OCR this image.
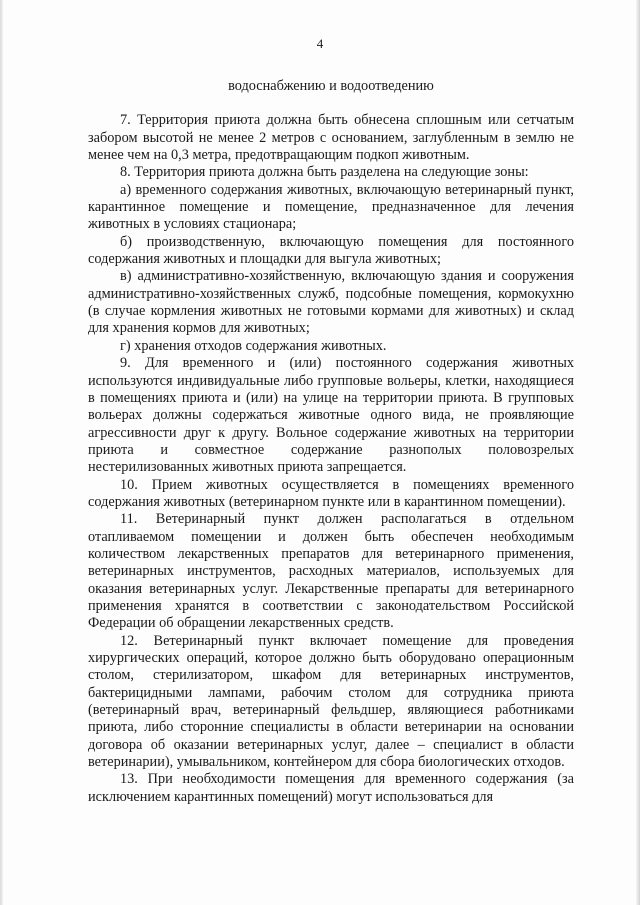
4

водоснабжению и водоотведению

7. Территория приюта должна быть обнесена сплошным или сетчатым забором высотой не менее 2 метров с основанием, заглубленным в землю не менее чем на 0,3 метра, предотвращающим подкоп животным.

8. Территория приюта должна быть разделена на следующие зоны:

а) временного содержания животных, включающую ветеринарный пункт, карантинное помещение и помещение, предназначенное для лечения животных в условиях стационара;

б) производственную, включающую помещения для постоянного содержания животных и площадки для выгула животных;

в) административно-хозяйственную, включающую здания и сооружения административно-хозяйственных служб, подсобные помещения, кормокухню (в случае кормления животных не готовыми кормами для животных) и склад для хранения кормов для животных;

г) хранения отходов содержания животных.

9. Для временного и (или) постоянного содержания животных используются индивидуальные либо групповые вольеры, клетки, находящиеся в помещениях приюта и (или) на улице на территории приюта. В групповых вольерах должны содержаться животные одного вида, не проявляющие агрессивности друг к другу. Вольное содержание животных на территории приюта и совместное содержание разнополых половозрелых нестерилизованных животных приюта запрещается.

10. Прием животных осуществляется в помещениях временного содержания животных (ветеринарном пункте или в карантинном помещении).

11. Ветеринарный пункт должен располагаться в отдельном отапливаемом помещении и должен быть обеспечен необходимым количеством лекарственных препаратов для ветеринарного применения, ветеринарных инструментов, расходных материалов, используемых для оказания ветеринарных услуг. Лекарственные препараты для ветеринарного применения хранятся в соответствии с законодательством Российской Федерации об обращении лекарственных средств.

12. Ветеринарный пункт включает помещение для проведения хирургических операций, которое должно быть оборудовано операционным столом, стерилизатором, шкафом для ветеринарных инструментов, бактерицидными лампами, рабочим столом для сотрудника приюта (ветеринарный врач, ветеринарный фельдшер, являющиеся работниками приюта, либо сторонние специалисты в области ветеринарии на основании договора об оказании ветеринарных услуг, далее – специалист в области ветеринарии), умывальником, контейнером для сбора биологических отходов.

13. При необходимости помещения для временного содержания (за исключением карантинных помещений) могут использоваться для
